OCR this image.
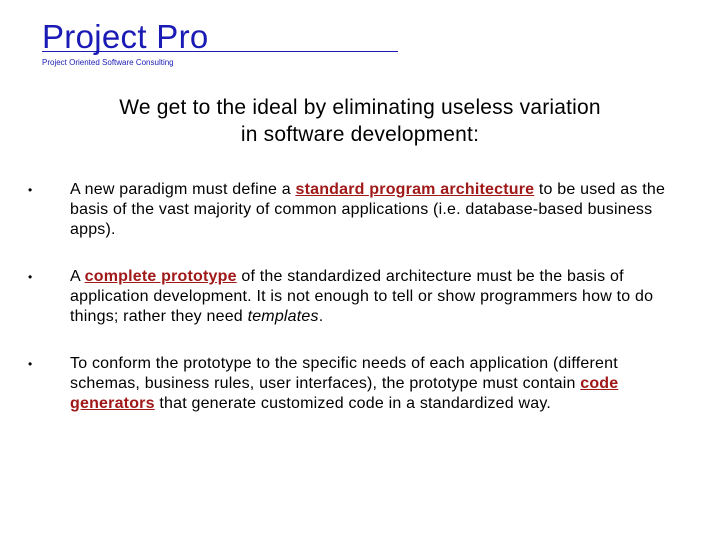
Project Pro
Project Oriented Software Consulting
We get to the ideal by eliminating useless variation
in software development:
• A new paradigm must define a standard program architecture to be used as the basis of the vast majority of common applications (i.e. database-based business apps).
• A complete prototype of the standardized architecture must be the basis of application development. It is not enough to tell or show programmers how to do things; rather they need templates.
• To conform the prototype to the specific needs of each application (different schemas, business rules, user interfaces), the prototype must contain code generators that generate customized code in a standardized way.
